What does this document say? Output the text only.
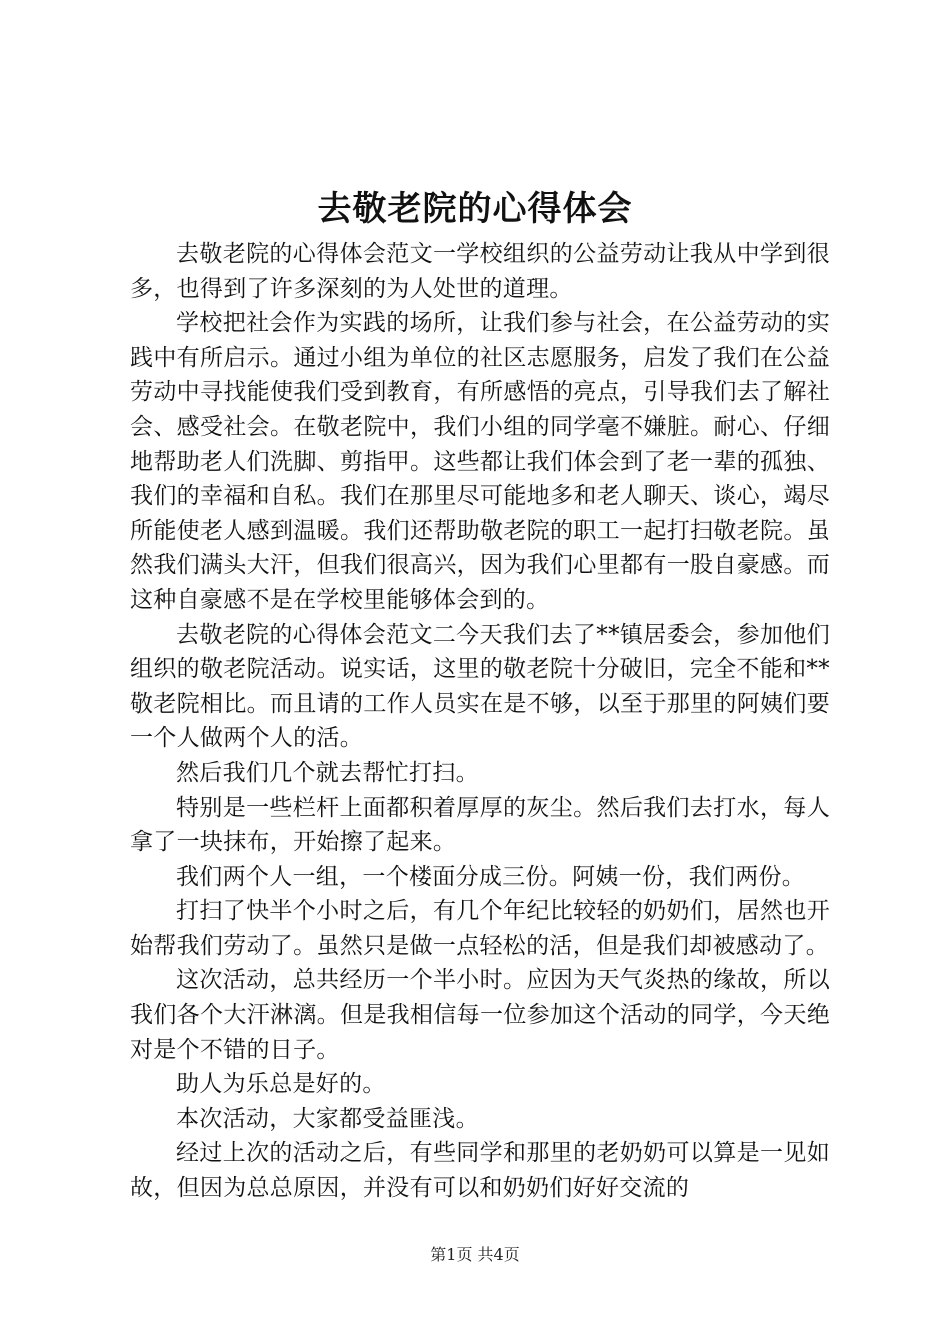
去敬老院的心得体会

去敬老院的心得体会范文一学校组织的公益劳动让我从中学到很多，也得到了许多深刻的为人处世的道理。

学校把社会作为实践的场所，让我们参与社会，在公益劳动的实践中有所启示。通过小组为单位的社区志愿服务，启发了我们在公益劳动中寻找能使我们受到教育，有所感悟的亮点，引导我们去了解社会、感受社会。在敬老院中，我们小组的同学毫不嫌脏。耐心、仔细地帮助老人们洗脚、剪指甲。这些都让我们体会到了老一辈的孤独、我们的幸福和自私。我们在那里尽可能地多和老人聊天、谈心，竭尽所能使老人感到温暖。我们还帮助敬老院的职工一起打扫敬老院。虽然我们满头大汗，但我们很高兴，因为我们心里都有一股自豪感。而这种自豪感不是在学校里能够体会到的。

去敬老院的心得体会范文二今天我们去了**镇居委会，参加他们组织的敬老院活动。说实话，这里的敬老院十分破旧，完全不能和**敬老院相比。而且请的工作人员实在是不够，以至于那里的阿姨们要一个人做两个人的活。

然后我们几个就去帮忙打扫。

特别是一些栏杆上面都积着厚厚的灰尘。然后我们去打水，每人拿了一块抹布，开始擦了起来。

我们两个人一组，一个楼面分成三份。阿姨一份，我们两份。

打扫了快半个小时之后，有几个年纪比较轻的奶奶们，居然也开始帮我们劳动了。虽然只是做一点轻松的活，但是我们却被感动了。

这次活动，总共经历一个半小时。应因为天气炎热的缘故，所以我们各个大汗淋漓。但是我相信每一位参加这个活动的同学，今天绝对是个不错的日子。

助人为乐总是好的。

本次活动，大家都受益匪浅。

经过上次的活动之后，有些同学和那里的老奶奶可以算是一见如故，但因为总总原因，并没有可以和奶奶们好好交流的

第1页 共4页
